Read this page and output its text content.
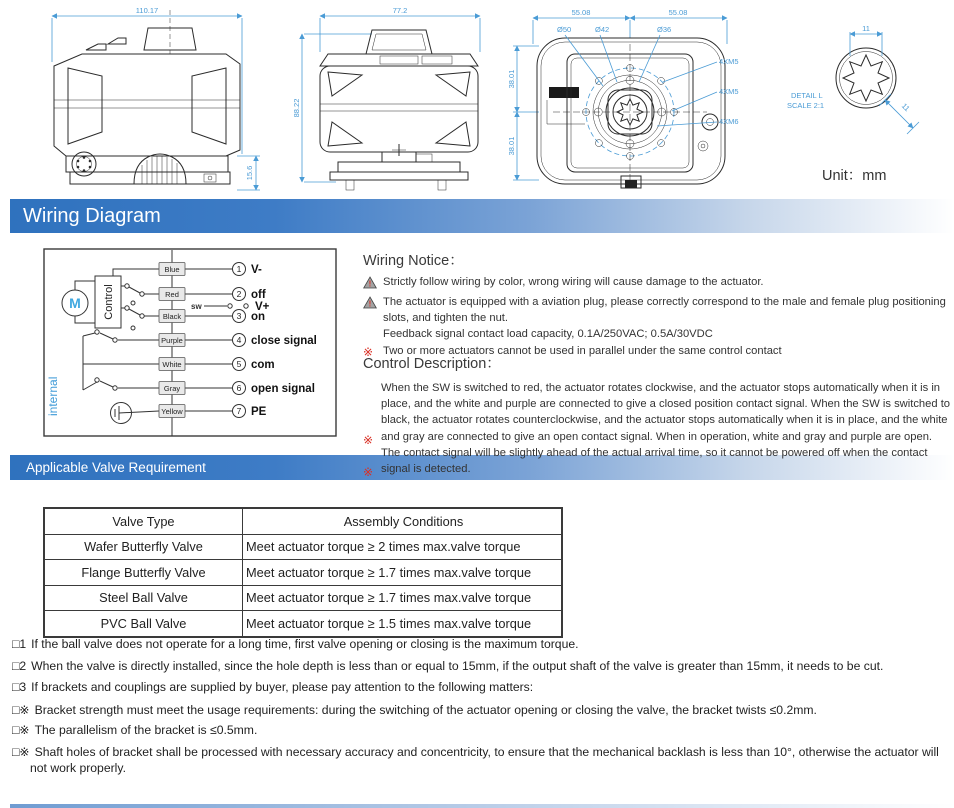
110.17
15.6
77.2
88.22
55.08	55.08
38.01
38.01
Ø50	Ø42	Ø36
4XM5
4XM5
4XM6
11
11
DETAIL L
SCALE 2:1
Unit：mm
Wiring Diagram
internal
M Control	sw	V+
Blue	1 V-
Red	2 off
Black	3 on
Purple	4 close signal
White	5 com
Gray	6 open signal
Yellow	7 PE
Wiring Notice：
! Strictly follow wiring by color, wrong wiring will cause damage to the actuator.
! The actuator is equipped with a aviation plug, please correctly correspond to the male and female plug positioning slots, and tighten the nut.
Feedback signal contact load capacity, 0.1A/250VAC; 0.5A/30VDC
※ Two or more actuators cannot be used in parallel under the same control contact
Control Description：
※
※

When the SW is switched to red, the actuator rotates clockwise, and the actuator stops automatically when it is in place, and the white and purple are connected to give a closed position contact signal. When the SW is switched to black, the actuator rotates counterclockwise, and the actuator stops automatically when it is in place, and the white and gray are connected to give an open contact signal. When in operation, white and gray and purple are open.

The contact signal will be slightly ahead of the actual arrival time, so it cannot be powered off when the contact signal is detected.

Applicable Valve Requirement
Valve Type	Assembly Conditions
Wafer Butterfly Valve	Meet actuator torque ≥ 2 times max.valve torque
Flange Butterfly Valve	Meet actuator torque ≥ 1.7 times max.valve torque
Steel Ball Valve	Meet actuator torque ≥ 1.7 times max.valve torque
PVC Ball Valve	Meet actuator torque ≥ 1.5 times max.valve torque
□1 If the ball valve does not operate for a long time, first valve opening or closing is the maximum torque.
□2 When the valve is directly installed, since the hole depth is less than or equal to 15mm, if the output shaft of the valve is greater than 15mm, it needs to be cut.
□3 If brackets and couplings are supplied by buyer, please pay attention to the following matters:
□※ Bracket strength must meet the usage requirements: during the switching of the actuator opening or closing the valve, the bracket twists ≤0.2mm.
□※ The parallelism of the bracket is ≤0.5mm.
□※ Shaft holes of bracket shall be processed with necessary accuracy and concentricity, to ensure that the mechanical backlash is less than 10°, otherwise the actuator will not work properly.
